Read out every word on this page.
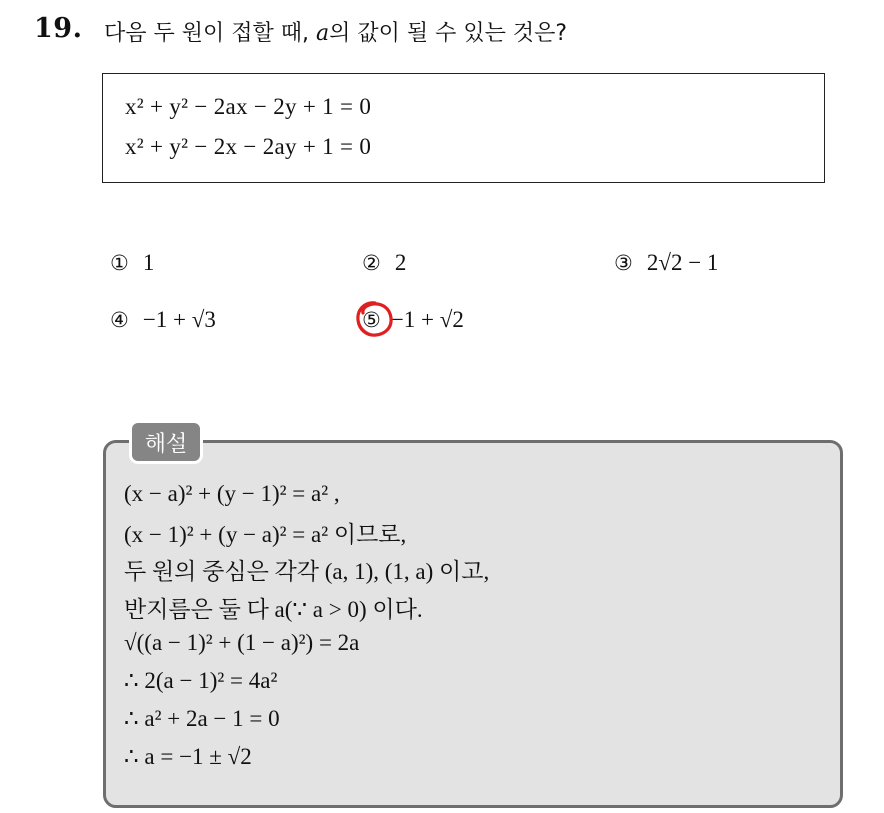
19. 다음 두 원이 접할 때, a의 값이 될 수 있는 것은?
x² + y² − 2ax − 2y + 1 = 0
x² + y² − 2x − 2ay + 1 = 0
① 1	② 2	③ 2√2 − 1
④ −1 + √3	⑤ −1 + √2
해설
(x − a)² + (y − 1)² = a² ,
(x − 1)² + (y − a)² = a² 이므로,
두 원의 중심은 각각 (a, 1), (1, a) 이고,
반지름은 둘 다 a(∵ a > 0) 이다.
√((a − 1)² + (1 − a)²) = 2a
∴ 2(a − 1)² = 4a²
∴ a² + 2a − 1 = 0
∴ a = −1 ± √2
